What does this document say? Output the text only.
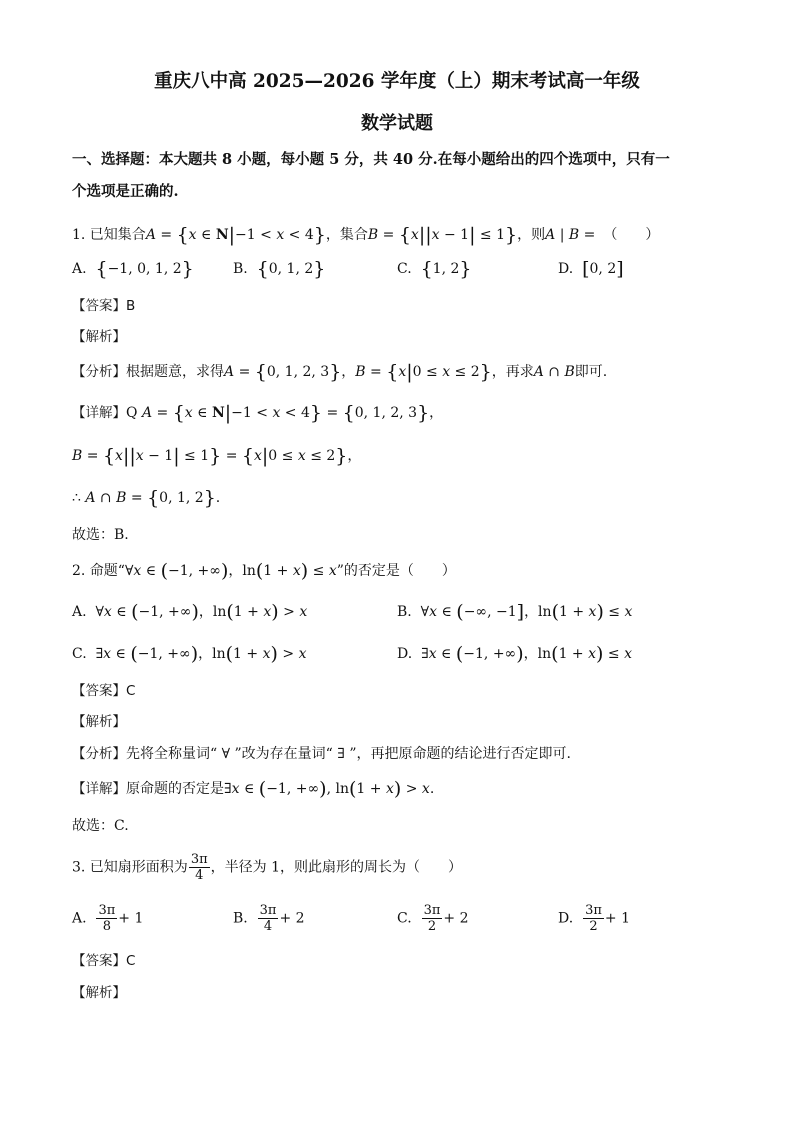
重庆八中高 2025—2026 学年度（上）期末考试高一年级
数学试题
一、选择题：本大题共 8 小题，每小题 5 分，共 40 分.在每小题给出的四个选项中，只有一
个选项是正确的.
1. 已知集合A = {x ∈ N|−1 < x < 4}，集合B = {x||x − 1| ≤ 1}，则A | B = （　　）
A. {−1, 0, 1, 2}	B. {0, 1, 2}	C. {1, 2}	D. [0, 2]
【答案】B
【解析】
【分析】根据题意，求得A = {0, 1, 2, 3}，B = {x|0 ≤ x ≤ 2}，再求A ∩ B即可.
【详解】Q A = {x ∈ N|−1 < x < 4} = {0, 1, 2, 3}，
B = {x||x − 1| ≤ 1} = {x|0 ≤ x ≤ 2}，
∴ A ∩ B = {0, 1, 2}.
故选：B.
2. 命题“∀x ∈ (−1, +∞)，ln(1 + x) ≤ x”的否定是（　　）
A.  ∀x ∈ (−1, +∞)，ln(1 + x) > x	B.  ∀x ∈ (−∞, −1]，ln(1 + x) ≤ x
C.  ∃x ∈ (−1, +∞)，ln(1 + x) > x	D.  ∃x ∈ (−1, +∞)，ln(1 + x) ≤ x
【答案】C
【解析】
【分析】先将全称量词“ ∀ ”改为存在量词“ ∃ ”，再把原命题的结论进行否定即可.
【详解】原命题的否定是∃x ∈ (−1, +∞), ln(1 + x) > x.
故选：C.
3. 已知扇形面积为 $\frac{3\pi}{4}$ ，半径为 1，则此扇形的周长为（　　）
A. $\frac{3\pi}{8} + 1$	B. $\frac{3\pi}{4} + 2$	C. $\frac{3\pi}{2} + 2$	D. $\frac{3\pi}{2} + 1$
【答案】C
【解析】
